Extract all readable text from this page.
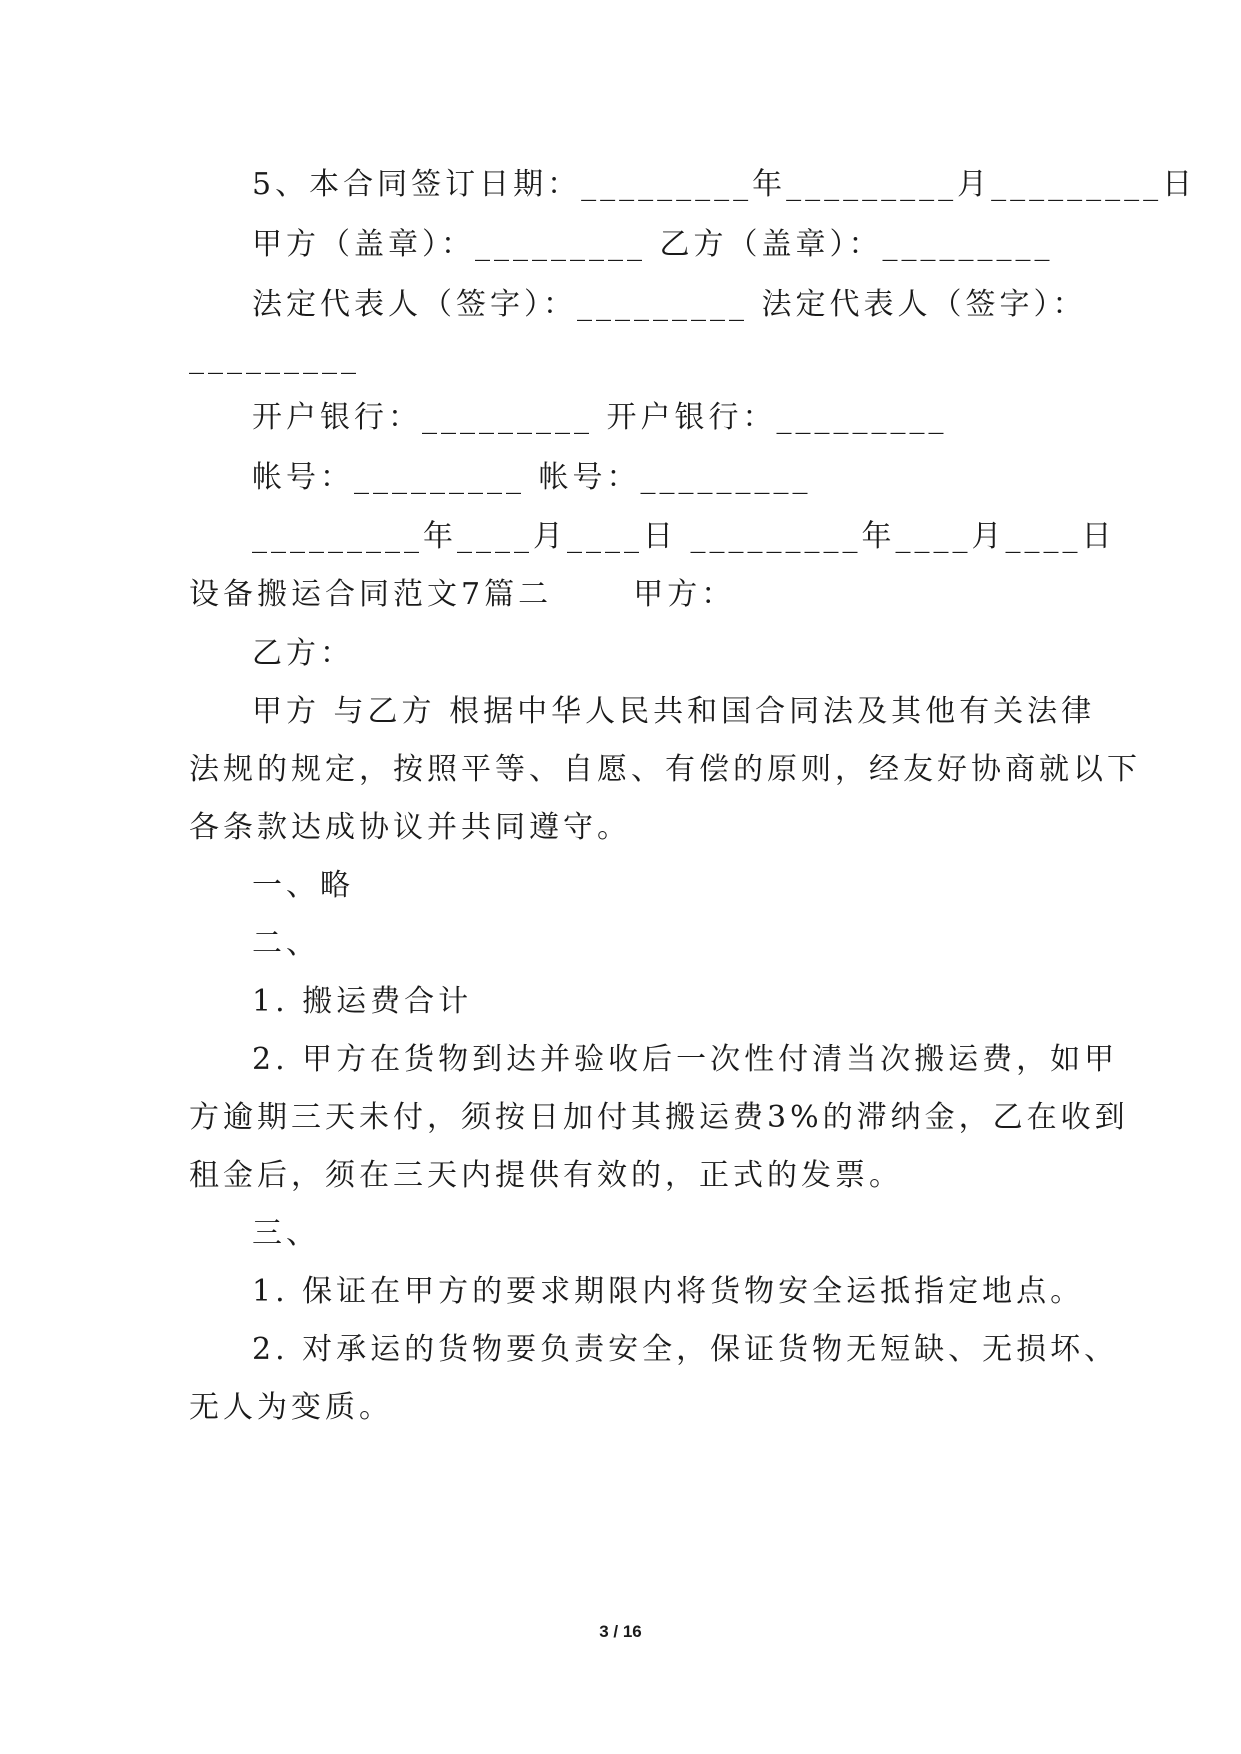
5、本合同签订日期：_________年_________月_________日
甲方（盖章）：_________ 乙方（盖章）：_________
法定代表人（签字）：_________ 法定代表人（签字）：
_________
开户银行：_________ 开户银行：_________
帐号：_________ 帐号：_________
_________年____月____日 _________年____月____日
设备搬运合同范文7篇二      甲方：
乙方：
甲方 与乙方 根据中华人民共和国合同法及其他有关法律
法规的规定，按照平等、自愿、有偿的原则，经友好协商就以下
各条款达成协议并共同遵守。
一、略
二、
1. 搬运费合计
2. 甲方在货物到达并验收后一次性付清当次搬运费，如甲
方逾期三天未付，须按日加付其搬运费3%的滞纳金，乙在收到
租金后，须在三天内提供有效的，正式的发票。
三、
1. 保证在甲方的要求期限内将货物安全运抵指定地点。
2. 对承运的货物要负责安全，保证货物无短缺、无损坏、
无人为变质。
3 / 16
